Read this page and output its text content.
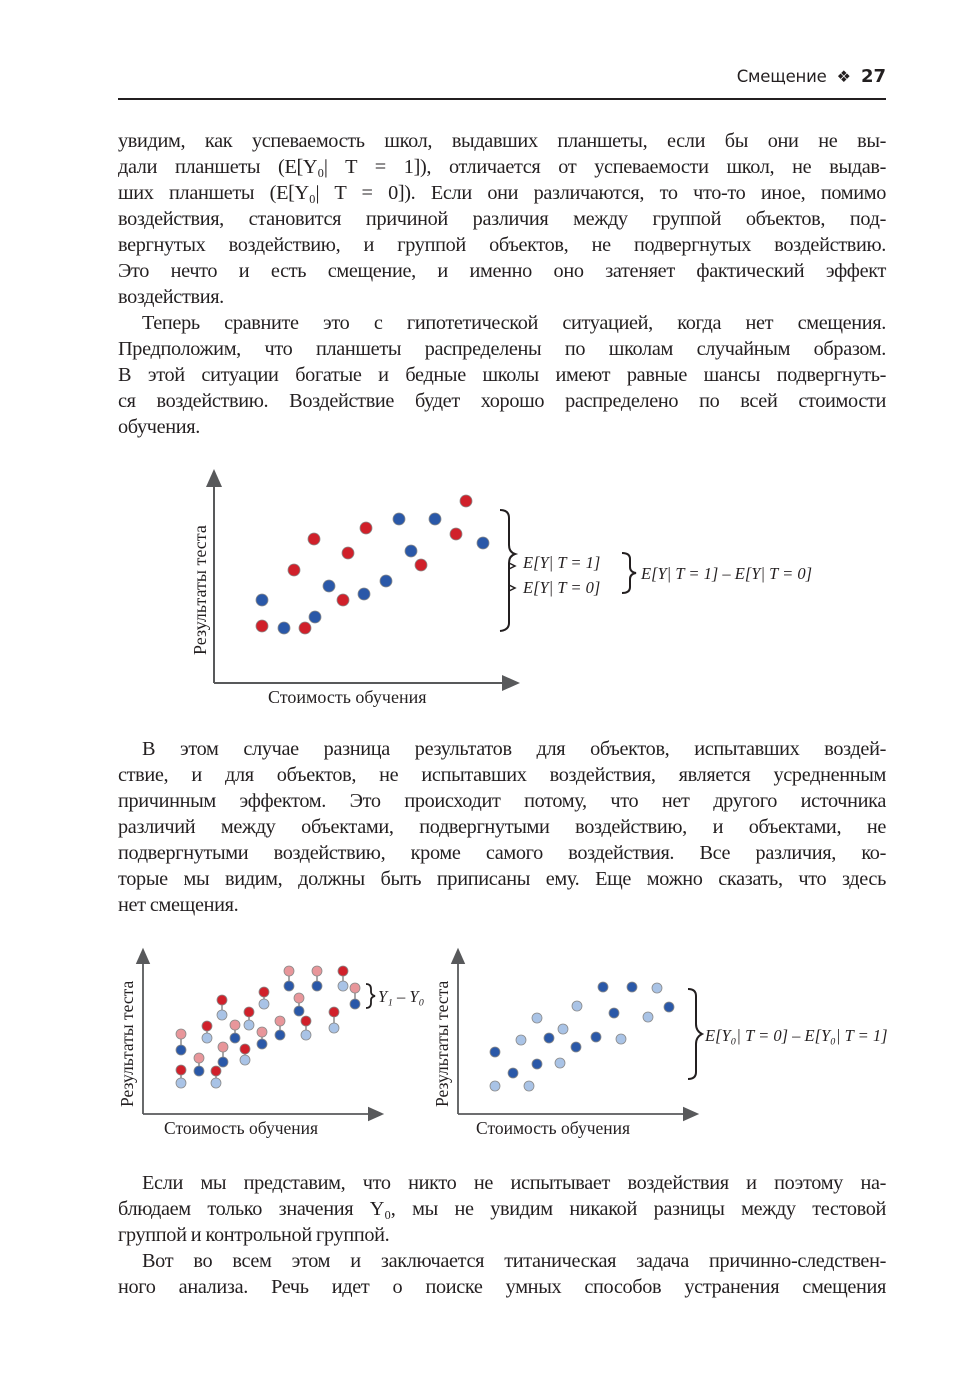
Смещение ❖ 27
увидим, как успеваемость школ, выдавших планшеты, если бы они не вы-
дали планшеты (E[Y₀| T = 1]), отличается от успеваемости школ, не выдав-
ших планшеты (E[Y₀| T = 0]). Если они различаются, то что-то иное, помимо
воздействия, становится причиной различия между группой объектов, под-
вергнутых воздействию, и группой объектов, не подвергнутых воздействию.
Это нечто и есть смещение, и именно оно затеняет фактический эффект
воздействия.
Теперь сравните это с гипотетической ситуацией, когда нет смещения.
Предположим, что планшеты распределены по школам случайным образом.
В этой ситуации богатые и бедные школы имеют равные шансы подвергнуть-
ся воздействию. Воздействие будет хорошо распределено по всей стоимости
обучения.
Результаты теста
Стоимость обучения
E[Y| T = 1]
E[Y| T = 0]
E[Y| T = 1] – E[Y| T = 0]
В этом случае разница результатов для объектов, испытавших воздей-
ствие, и для объектов, не испытавших воздействия, является усредненным
причинным эффектом. Это происходит потому, что нет другого источника
различий между объектами, подвергнутыми воздействию, и объектами, не
подвергнутыми воздействию, кроме самого воздействия. Все различия, ко-
торые мы видим, должны быть приписаны ему. Еще можно сказать, что здесь
нет смещения.
Результаты теста
Стоимость обучения
Y₁ – Y₀ Результаты теста
Стоимость обучения
E[Y₀| T = 0] – E[Y₀| T = 1]
Если мы представим, что никто не испытывает воздействия и поэтому на-
блюдаем только значения Y₀, мы не увидим никакой разницы между тестовой
группой и контрольной группой.
Вот во всем этом и заключается титаническая задача причинно-следствен-
ного анализа. Речь идет о поиске умных способов устранения смещения
